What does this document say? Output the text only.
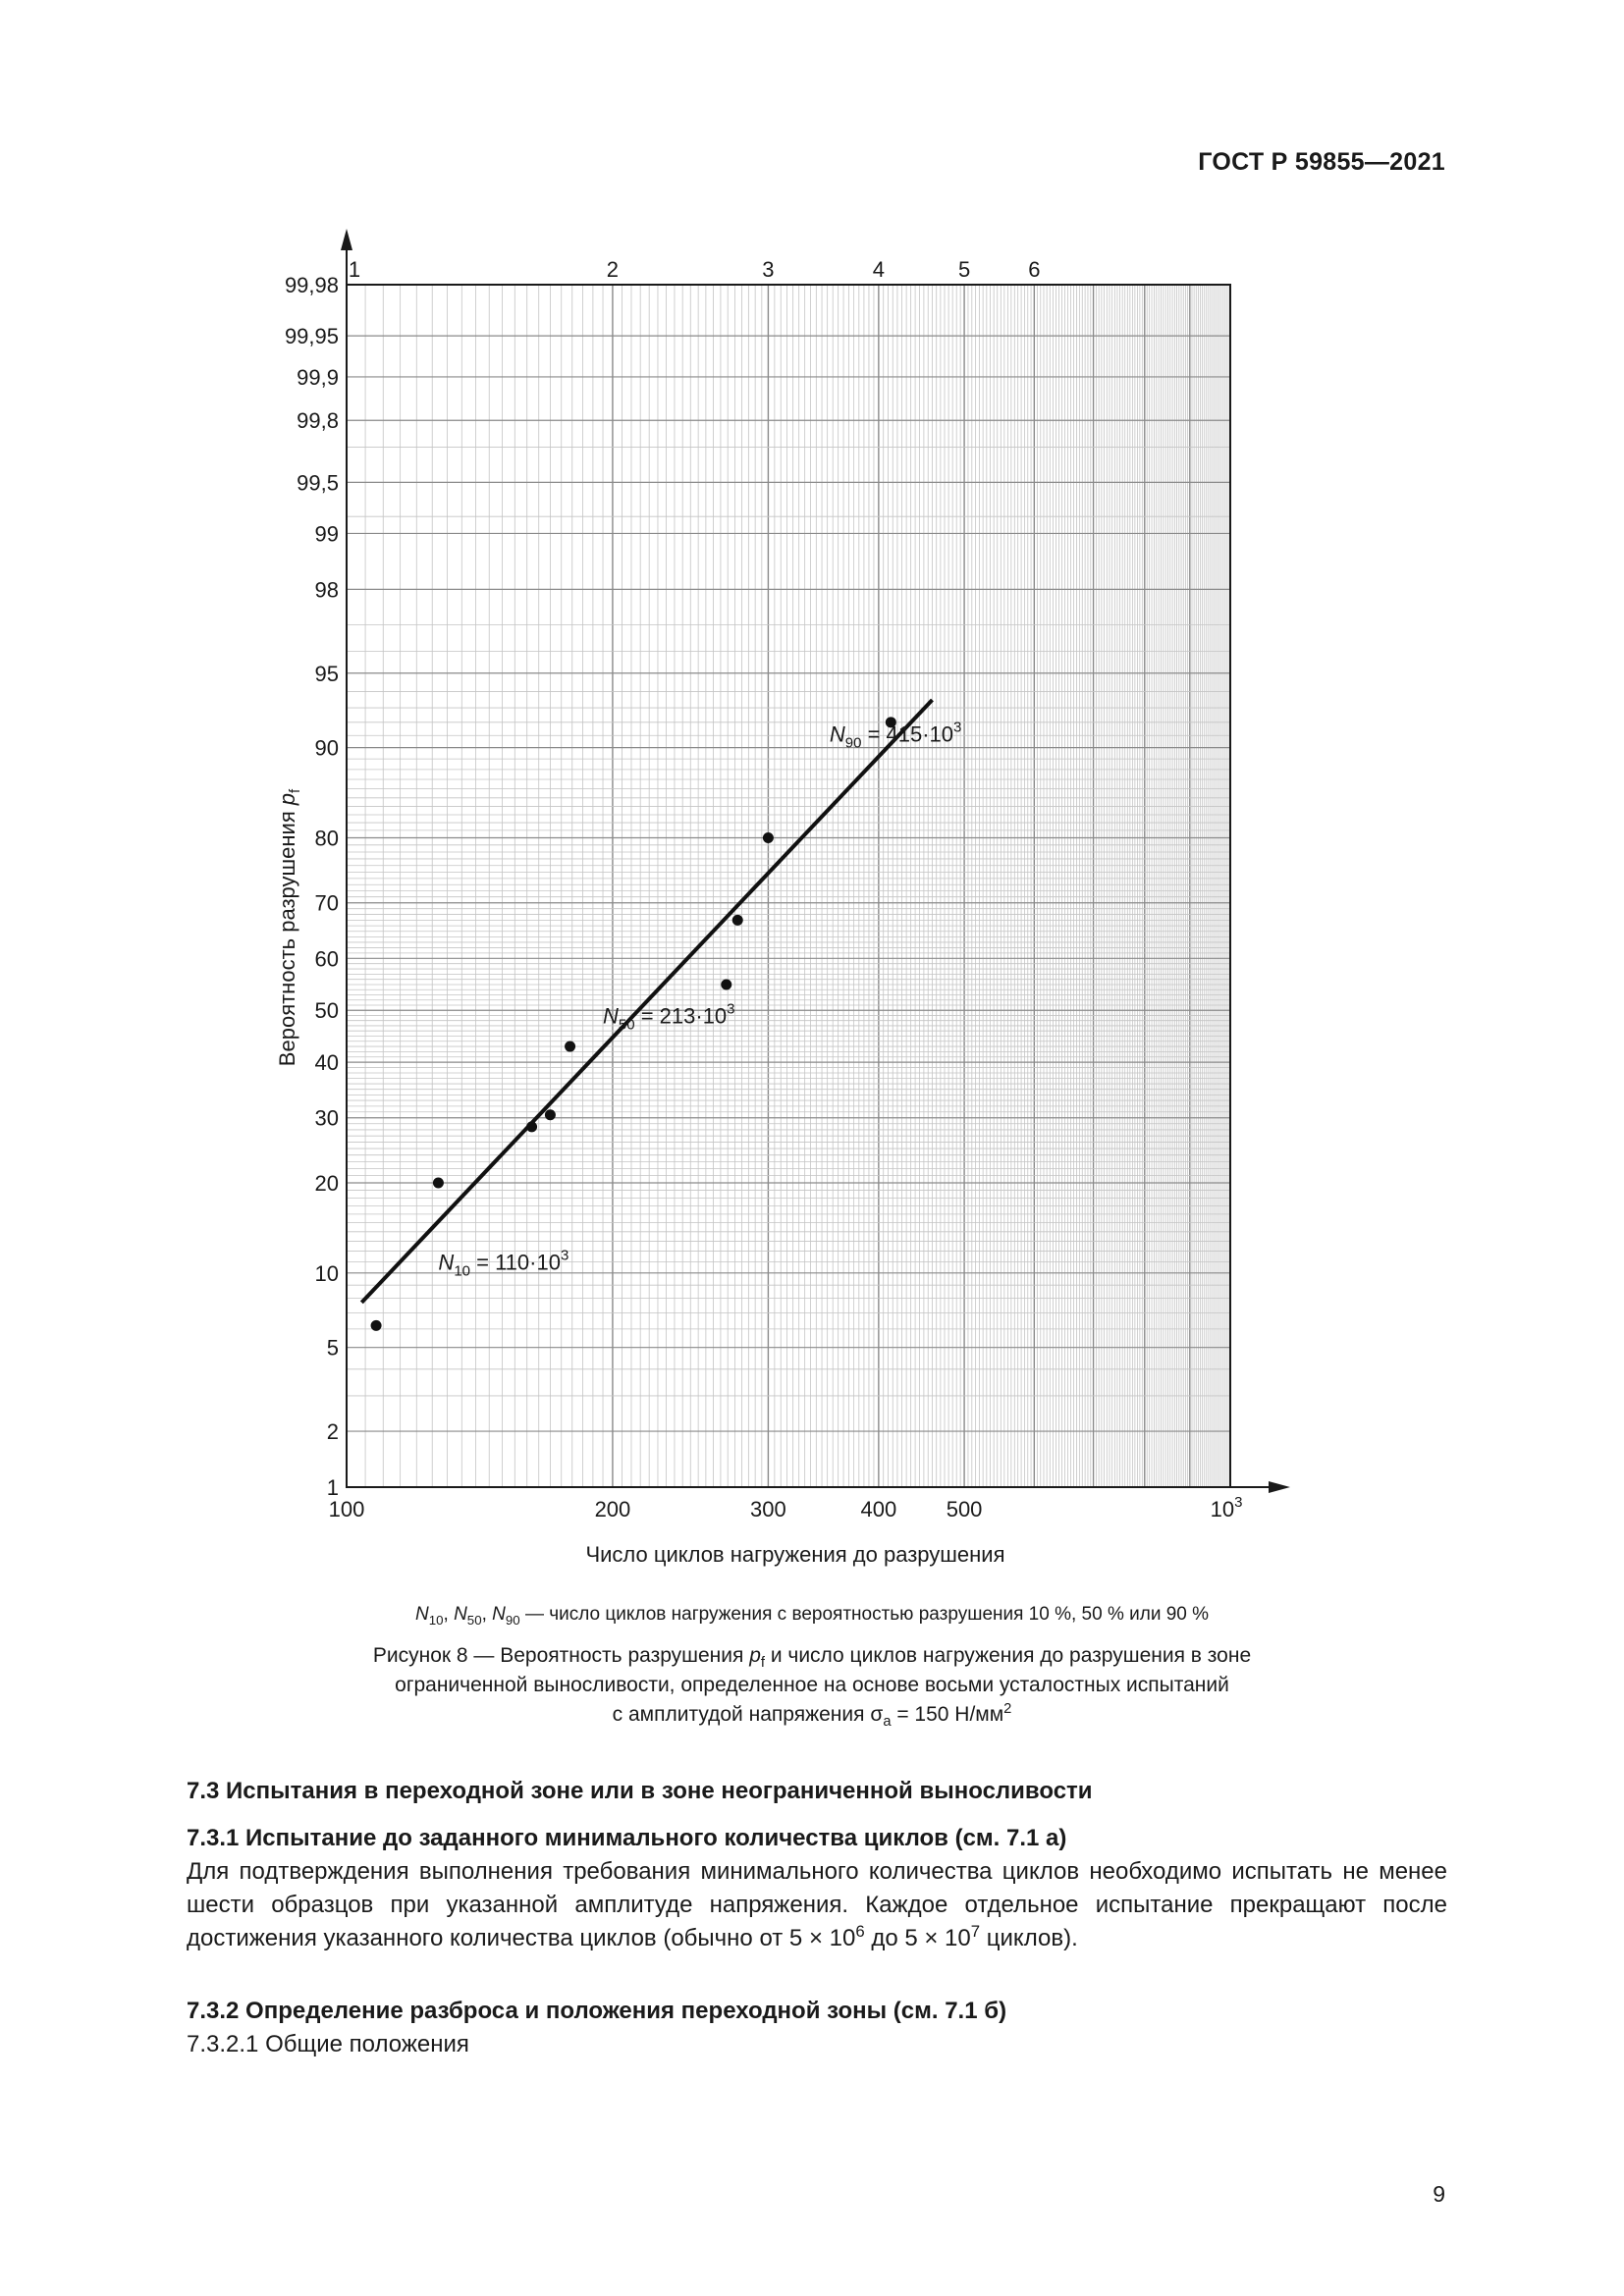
ГОСТ Р 59855—2021
1
2
5
10
20
30
40
50
60
70
80
90
95
98
99
99,5
99,8
99,9
99,95
99,98
100	200	300	400 500	$10^3$
1	2	3	4	5	6
$N_{10} = 110\cdot 10^3$
$N_{50} = 213\cdot 10^3$
$N_{90} = 415\cdot 10^3$
Число циклов нагружения до разрушения
Вероятность разрушенияp$_f$
$N_{10}$, $N_{50}$, $N_{90}$ — число циклов нагружения с вероятностью разрушения 10 %, 50 % или 90 %
Рисунок 8 — Вероятность разрушения $p_f$ и число циклов нагружения до разрушения в зоне
ограниченной выносливости, определенное на основе восьми усталостных испытаний
с амплитудой напряжения $\sigma_a = 150$ $Н/мм^2$
7.3 Испытания в переходной зоне или в зоне неограниченной выносливости
7.3.1 Испытание до заданного минимального количества циклов (см. 7.1 а)
Для подтверждения выполнения требования минимального количества циклов необходимо испытать не менее шести образцов при указанной амплитуде напряжения. Каждое отдельное испытание прекращают после достижения указанного количества циклов (обычно от $5 \times 10^6$ до $5 \times 10^7$ циклов).
7.3.2 Определение разброса и положения переходной зоны (см. 7.1 б)
7.3.2.1 Общие положения
9
